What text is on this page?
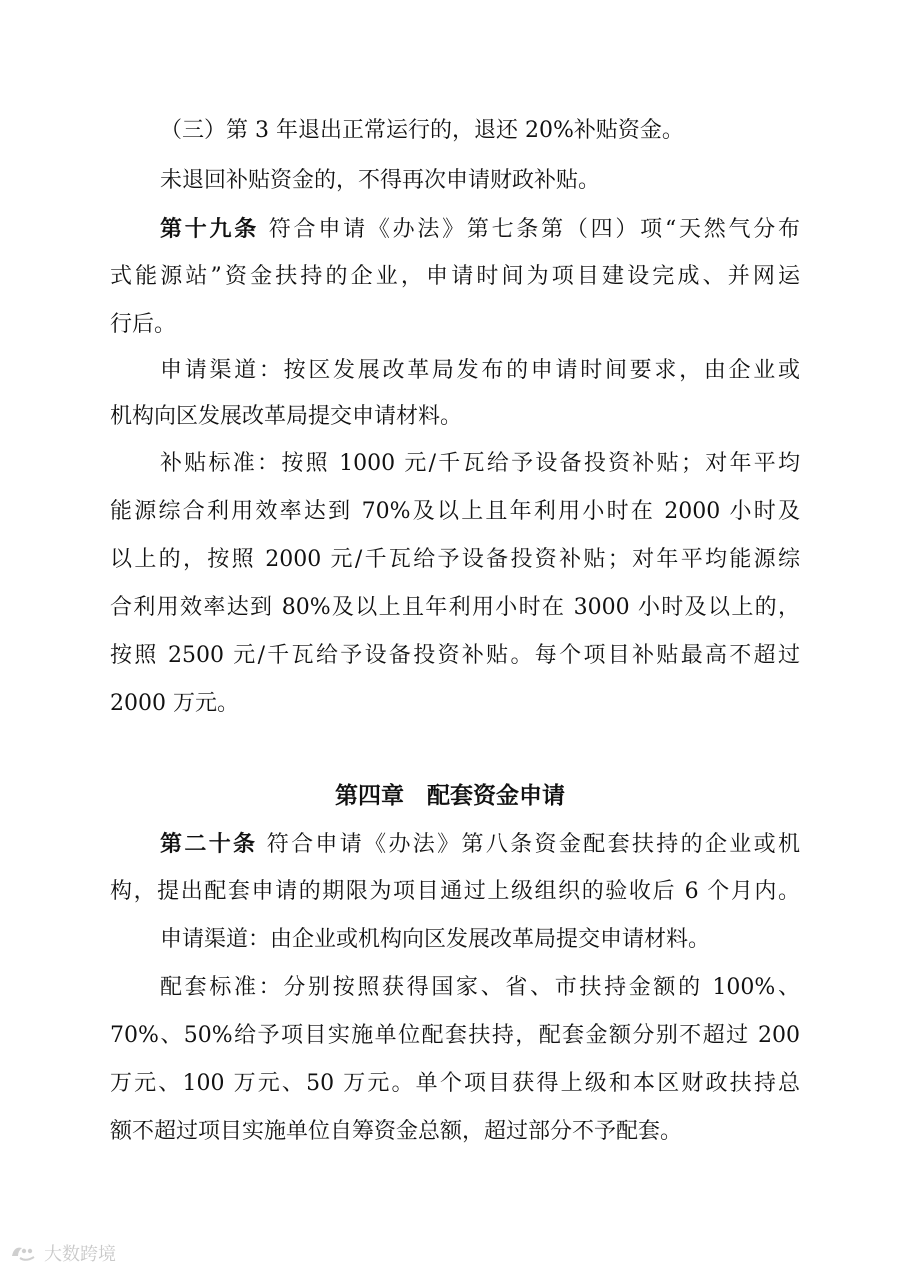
（三）第 3 年退出正常运行的，退还 20%补贴资金。
未退回补贴资金的，不得再次申请财政补贴。
第十九条 符合申请《办法》第七条第（四）项“天然气分布
式能源站”资金扶持的企业，申请时间为项目建设完成、并网运
行后。
申请渠道：按区发展改革局发布的申请时间要求，由企业或
机构向区发展改革局提交申请材料。
补贴标准：按照 1000 元/千瓦给予设备投资补贴；对年平均
能源综合利用效率达到 70%及以上且年利用小时在 2000 小时及
以上的，按照 2000 元/千瓦给予设备投资补贴；对年平均能源综
合利用效率达到 80%及以上且年利用小时在 3000 小时及以上的，
按照 2500 元/千瓦给予设备投资补贴。每个项目补贴最高不超过
2000 万元。
第四章　配套资金申请
第二十条 符合申请《办法》第八条资金配套扶持的企业或机
构，提出配套申请的期限为项目通过上级组织的验收后 6 个月内。
申请渠道：由企业或机构向区发展改革局提交申请材料。
配套标准：分别按照获得国家、省、市扶持金额的 100%、
70%、50%给予项目实施单位配套扶持，配套金额分别不超过 200
万元、100 万元、50 万元。单个项目获得上级和本区财政扶持总
额不超过项目实施单位自筹资金总额，超过部分不予配套。
大数跨境
